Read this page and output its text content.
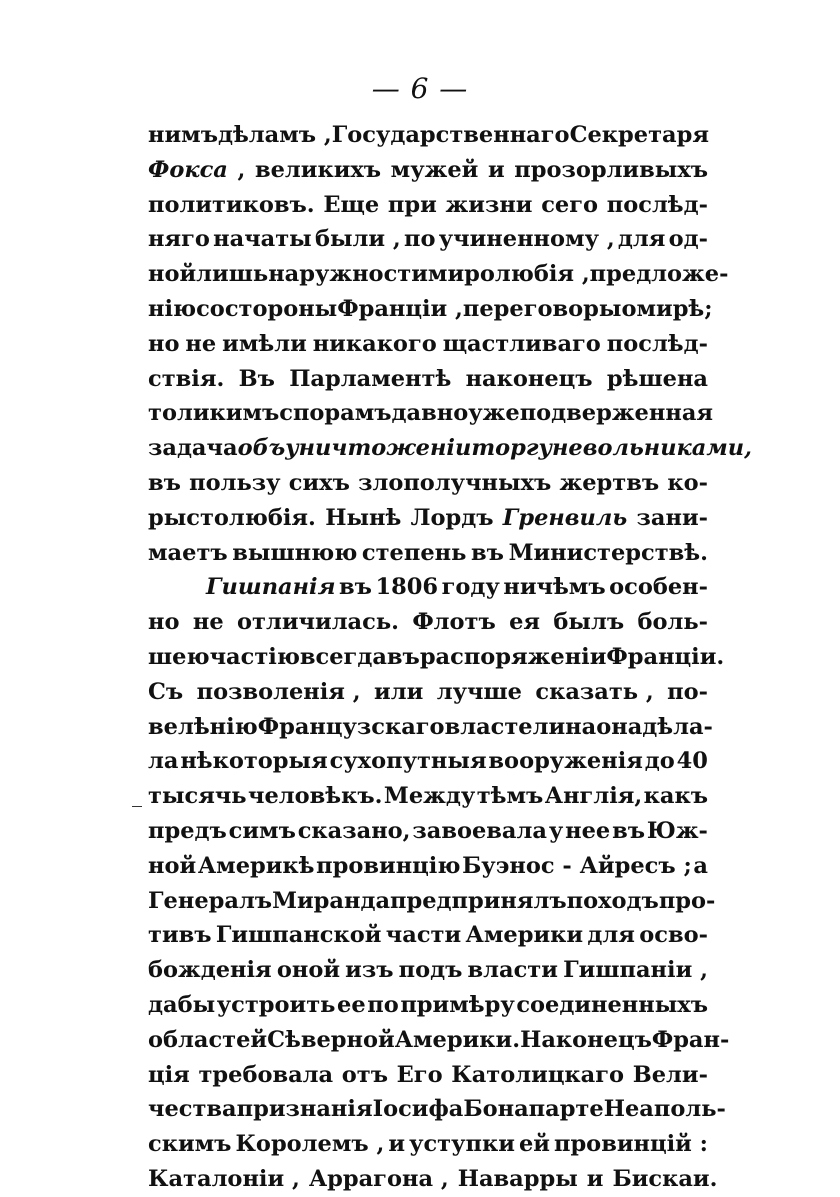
— 6 —
нимъ дѣламъ , Государственнаго Секретаря
Фокса , великихъ мужей и прозорливыхъ
политиковъ. Еще при жизни сего послѣд-
няго начаты были , по учиненному , для од-
ной лишь наружности миролюбія , предложе-
нію со стороны Франціи , переговоры о мирѣ;
но не имѣли никакого щастливаго послѣд-
ствія. Въ Парламентѣ наконецъ рѣшена
толикимъ спорамъ давно уже подверженная
задача объ уничтоженіи торгу невольниками,
въ пользу сихъ злополучныхъ жертвъ ко-
рыстолюбія. Нынѣ Лордъ Гренвиль зани-
маетъ вышнюю степень въ Министерствѣ.
Гишпанія въ 1806 году ничѣмъ особен-
но не отличилась. Флотъ ея былъ боль-
шею частію всегда въ распоряженіи Франціи.
Съ позволенія , или лучше сказать , по-
велѣнію Французскаго властелина она дѣла-
ла нѣкоторыя сухопутныя вооруженія до 40
тысячь человѣкъ. Между тѣмъ Англія, какъ
предъ симъ сказано, завоевала у нее въ Юж-
ной Америкѣ провинцію Буэнос - Айресъ ; а
Генералъ Миранда предпринялъ походъ про-
тивъ Гишпанской части Америки для осво-
божденія оной изъ подъ власти Гишпаніи ,
дабы устроить ее по примѣру соединенныхъ
областей Сѣверной Америки. Наконецъ Фран-
ція требовала отъ Его Католицкаго Вели-
чества признанія Іосифа Бонапарте Неаполь-
скимъ Королемъ , и уступки ей провинцій :
Каталоніи , Аррагона , Наварры и Бискаи.
